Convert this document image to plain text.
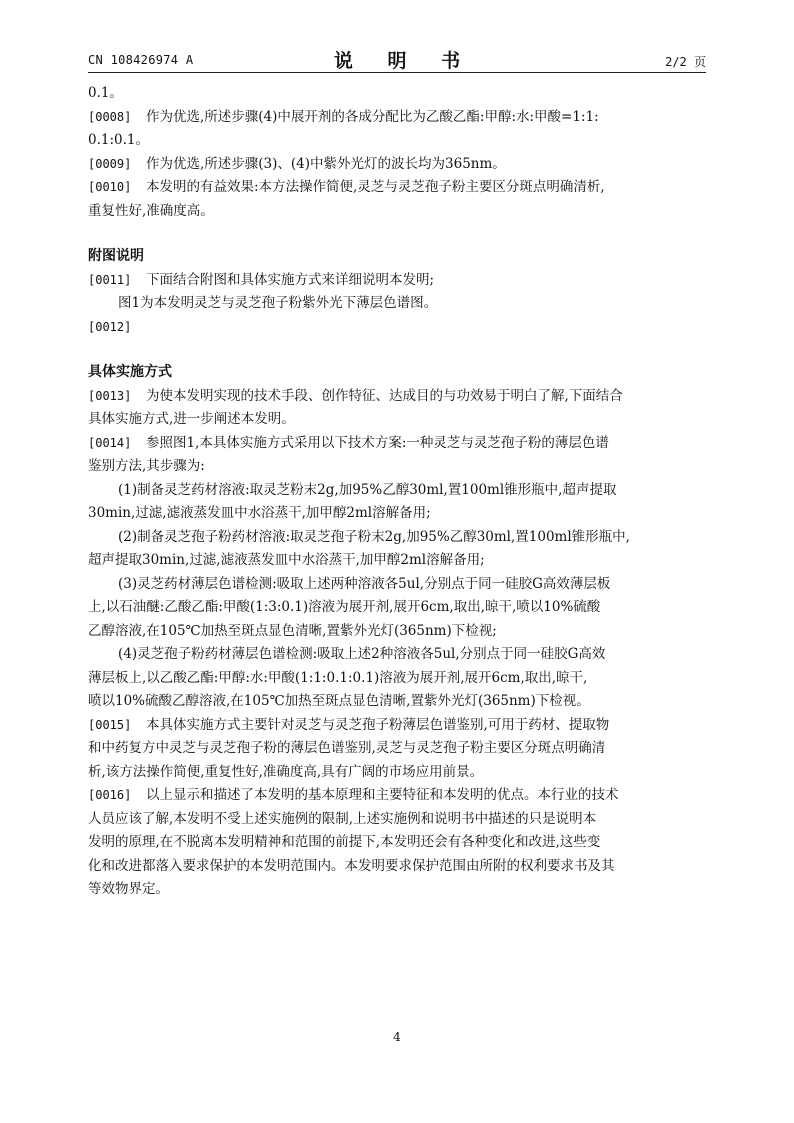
CN 108426974 A	说 明 书	2/2 页

0.1。

[0008] 作为优选,所述步骤(4)中展开剂的各成分配比为乙酸乙酯:甲醇:水:甲酸=1:1:

0.1:0.1。

[0009] 作为优选,所述步骤(3)、(4)中紫外光灯的波长均为365nm。

[0010] 本发明的有益效果:本方法操作简便,灵芝与灵芝孢子粉主要区分斑点明确清析,

重复性好,准确度高。

附图说明

[0011] 下面结合附图和具体实施方式来详细说明本发明;

图1为本发明灵芝与灵芝孢子粉紫外光下薄层色谱图。

[0012]

具体实施方式

[0013] 为使本发明实现的技术手段、创作特征、达成目的与功效易于明白了解,下面结合

具体实施方式,进一步阐述本发明。

[0014] 参照图1,本具体实施方式采用以下技术方案:一种灵芝与灵芝孢子粉的薄层色谱

鉴别方法,其步骤为:

(1)制备灵芝药材溶液:取灵芝粉末2g,加95%乙醇30ml,置100ml锥形瓶中,超声提取

30min,过滤,滤液蒸发皿中水浴蒸干,加甲醇2ml溶解备用;

(2)制备灵芝孢子粉药材溶液:取灵芝孢子粉末2g,加95%乙醇30ml,置100ml锥形瓶中,

超声提取30min,过滤,滤液蒸发皿中水浴蒸干,加甲醇2ml溶解备用;

(3)灵芝药材薄层色谱检测:吸取上述两种溶液各5ul,分别点于同一硅胶G高效薄层板

上,以石油醚:乙酸乙酯:甲酸(1:3:0.1)溶液为展开剂,展开6cm,取出,晾干,喷以10%硫酸

乙醇溶液,在105℃加热至斑点显色清晰,置紫外光灯(365nm)下检视;

(4)灵芝孢子粉药材薄层色谱检测:吸取上述2种溶液各5ul,分别点于同一硅胶G高效

薄层板上,以乙酸乙酯:甲醇:水:甲酸(1:1:0.1:0.1)溶液为展开剂,展开6cm,取出,晾干,

喷以10%硫酸乙醇溶液,在105℃加热至斑点显色清晰,置紫外光灯(365nm)下检视。

[0015] 本具体实施方式主要针对灵芝与灵芝孢子粉薄层色谱鉴别,可用于药材、提取物

和中药复方中灵芝与灵芝孢子粉的薄层色谱鉴别,灵芝与灵芝孢子粉主要区分斑点明确清

析,该方法操作简便,重复性好,准确度高,具有广阔的市场应用前景。

[0016] 以上显示和描述了本发明的基本原理和主要特征和本发明的优点。本行业的技术

人员应该了解,本发明不受上述实施例的限制,上述实施例和说明书中描述的只是说明本

发明的原理,在不脱离本发明精神和范围的前提下,本发明还会有各种变化和改进,这些变

化和改进都落入要求保护的本发明范围内。本发明要求保护范围由所附的权利要求书及其

等效物界定。

4
